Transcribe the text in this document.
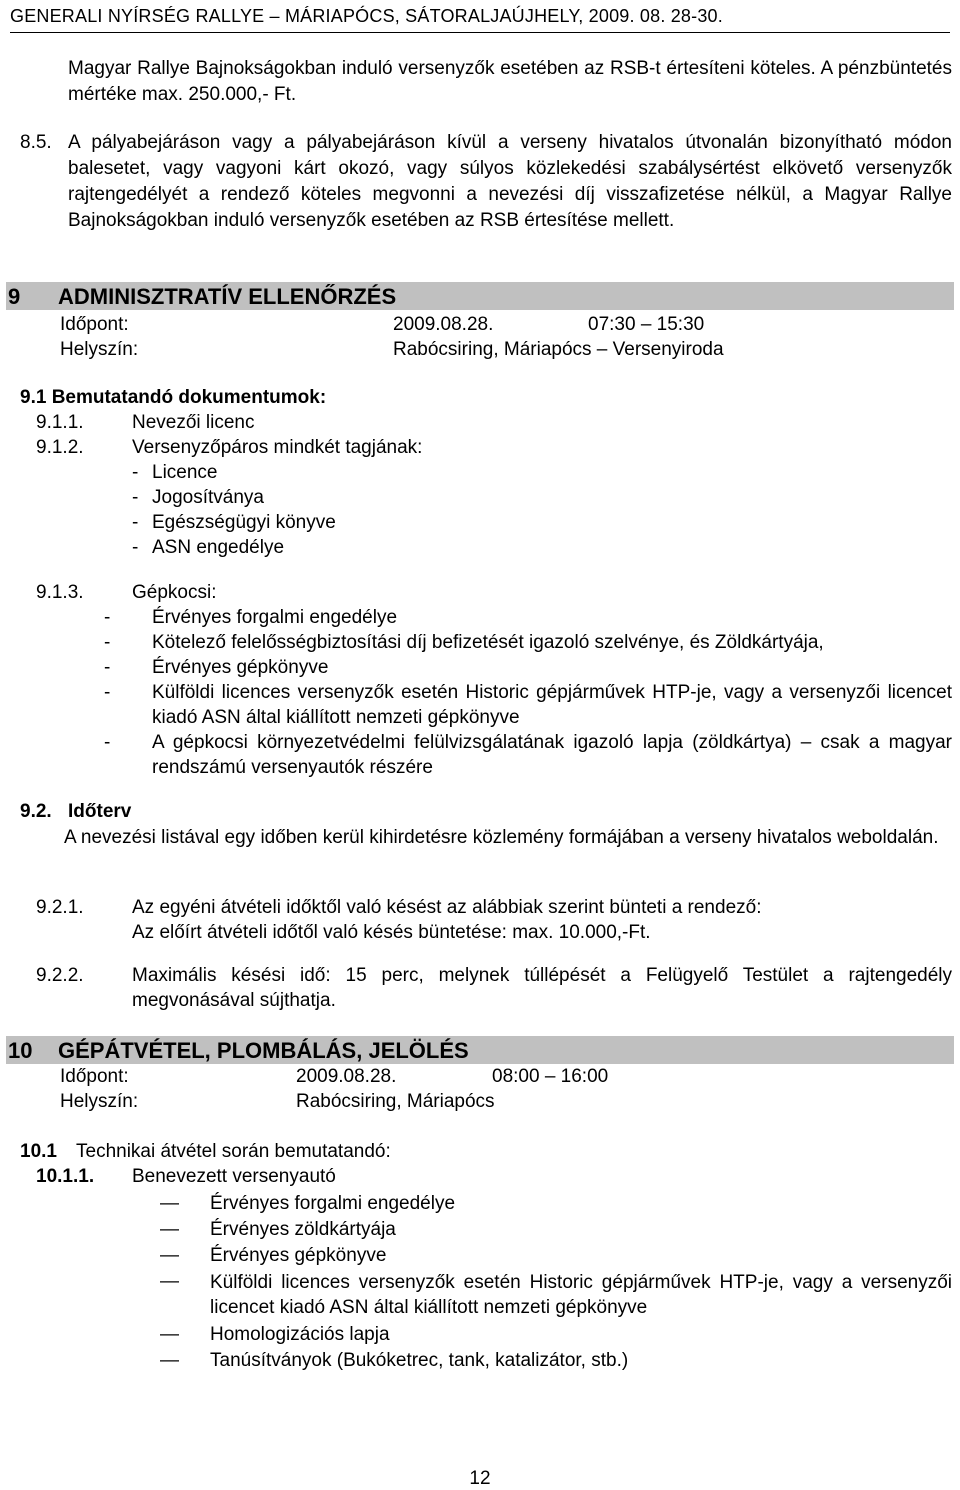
GENERALI NYÍRSÉG RALLYE – MÁRIAPÓCS, SÁTORALJAÚJHELY, 2009. 08. 28-30.
Magyar Rallye Bajnokságokban induló versenyzők esetében az RSB-t értesíteni köteles. A pénzbüntetés mértéke max. 250.000,- Ft.
8.5. A pályabejáráson vagy a pályabejáráson kívül a verseny hivatalos útvonalán bizonyítható módon balesetet, vagy vagyoni kárt okozó, vagy súlyos közlekedési szabálysértést elkövető versenyzők rajtengedélyét a rendező köteles megvonni a nevezési díj visszafizetése nélkül, a Magyar Rallye Bajnokságokban induló versenyzők esetében az RSB értesítése mellett.
9 ADMINISZTRATÍV ELLENŐRZÉS
Időpont:	2009.08.28.	07:30 – 15:30
Helyszín:	Rabócsiring, Máriapócs – Versenyiroda
9.1 Bemutatandó dokumentumok:
9.1.1.	Nevezői licenc
9.1.2.	Versenyzőpáros mindkét tagjának:
- Licence
- Jogosítványa
- Egészségügyi könyve
- ASN engedélye
9.1.3.	Gépkocsi:
- Érvényes forgalmi engedélye
- Kötelező felelősségbiztosítási díj befizetését igazoló szelvénye, és Zöldkártyája,
- Érvényes gépkönyve
- Külföldi licences versenyzők esetén Historic gépjárművek HTP-je, vagy a versenyzői licencet kiadó ASN által kiállított nemzeti gépkönyve
- A gépkocsi környezetvédelmi felülvizsgálatának igazoló lapja (zöldkártya) – csak a magyar rendszámú versenyautók részére
9.2. Időterv
A nevezési listával egy időben kerül kihirdetésre közlemény formájában a verseny hivatalos weboldalán.
9.2.1.	Az egyéni átvételi időktől való késést az alábbiak szerint bünteti a rendező:
Az előírt átvételi időtől való késés büntetése: max. 10.000,-Ft.
9.2.2.	Maximális késési idő: 15 perc, melynek túllépését a Felügyelő Testület a rajtengedély megvonásával sújthatja.
10 GÉPÁTVÉTEL, PLOMBÁLÁS, JELÖLÉS
Időpont:	2009.08.28.	08:00 – 16:00
Helyszín:	Rabócsiring, Máriapócs
10.1 Technikai átvétel során bemutatandó:
10.1.1. Benevezett versenyautó
— Érvényes forgalmi engedélye
— Érvényes zöldkártyája
— Érvényes gépkönyve
— Külföldi licences versenyzők esetén Historic gépjárművek HTP-je, vagy a versenyzői licencet kiadó ASN által kiállított nemzeti gépkönyve
— Homologizációs lapja
— Tanúsítványok (Bukóketrec, tank, katalizátor, stb.)
12
